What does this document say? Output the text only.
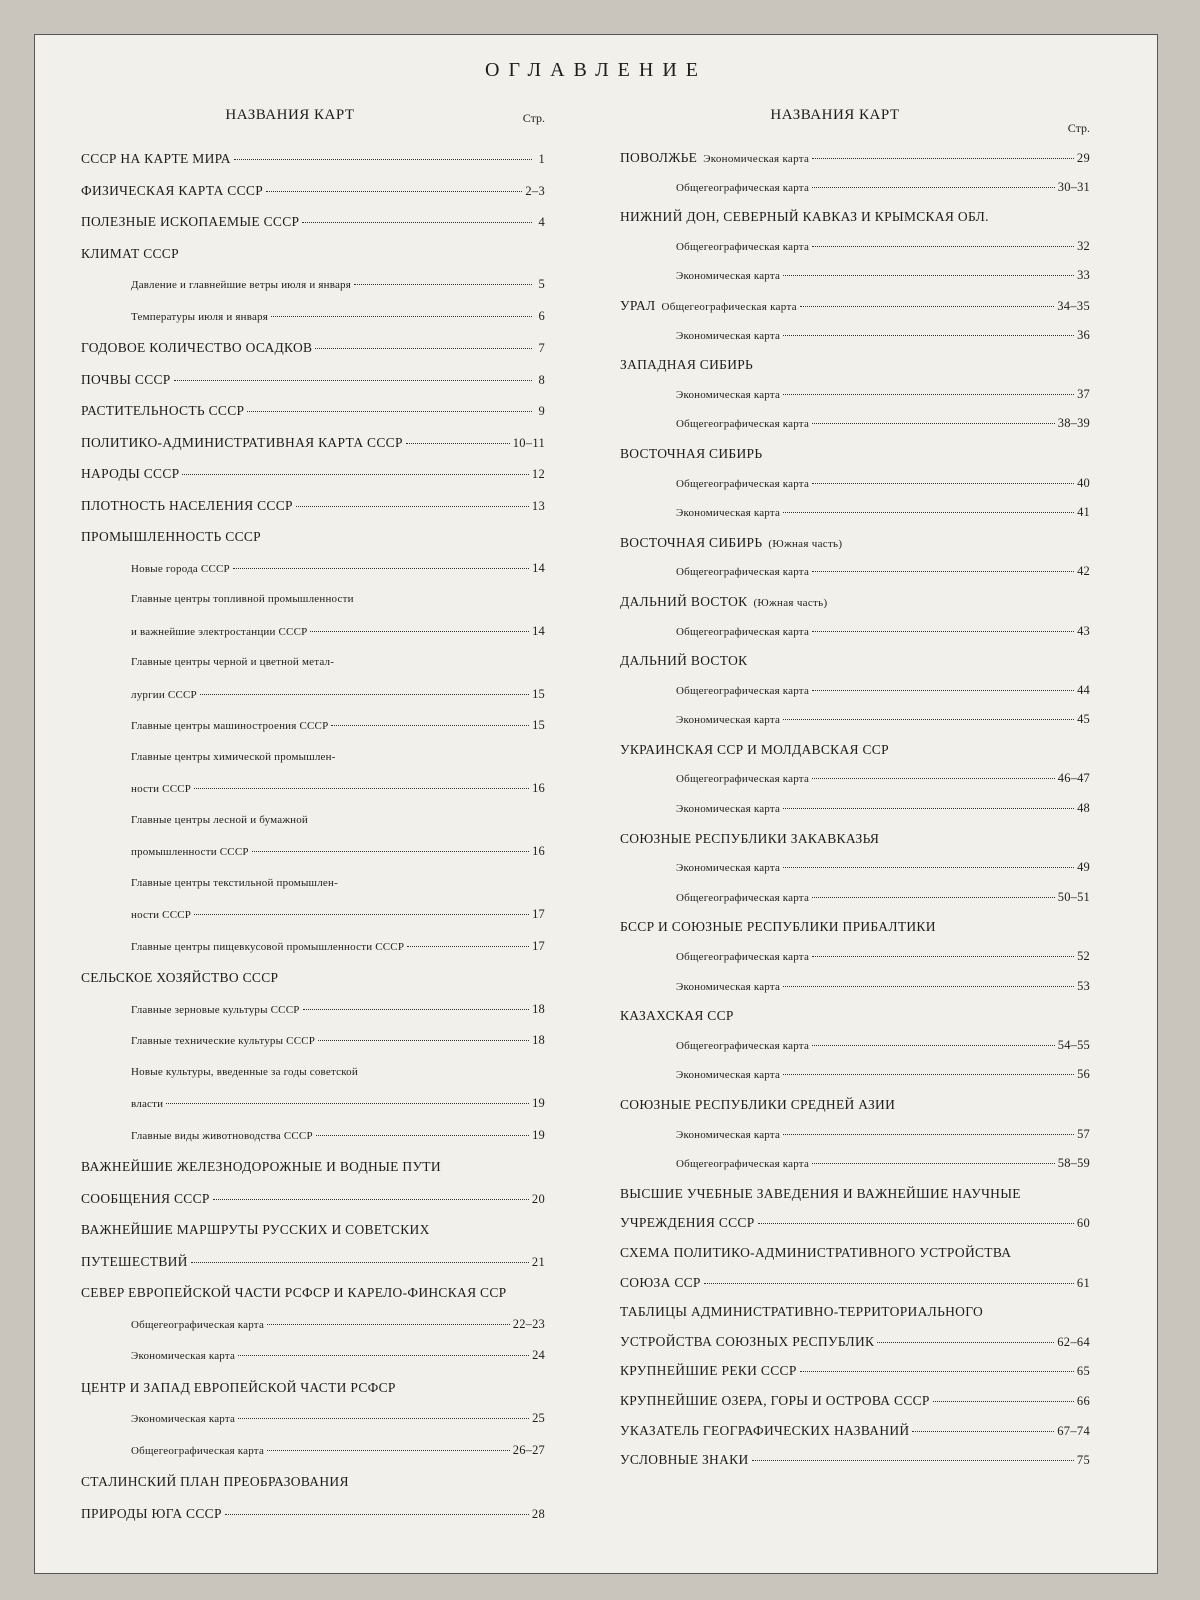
ОГЛАВЛЕНИЕ
НАЗВАНИЯ КАРТ	Стр.
СССР НА КАРТЕ МИРА	1
ФИЗИЧЕСКАЯ КАРТА СССР	2–3
ПОЛЕЗНЫЕ ИСКОПАЕМЫЕ СССР	4
КЛИМАТ СССР
Давление и главнейшие ветры июля и января	5
Температуры июля и января	6
ГОДОВОЕ КОЛИЧЕСТВО ОСАДКОВ	7
ПОЧВЫ СССР	8
РАСТИТЕЛЬНОСТЬ СССР	9
ПОЛИТИКО-АДМИНИСТРАТИВНАЯ КАРТА СССР	10–11
НАРОДЫ СССР	12
ПЛОТНОСТЬ НАСЕЛЕНИЯ СССР	13
ПРОМЫШЛЕННОСТЬ СССР
Новые города СССР	14
Главные центры топливной промышленности
и важнейшие электростанции СССР	14
Главные центры черной и цветной метал-
лургии СССР	15
Главные центры машиностроения СССР	15
Главные центры химической промышлен-
ности СССР	16
Главные центры лесной и бумажной
промышленности СССР	16
Главные центры текстильной промышлен-
ности СССР	17
Главные центры пищевкусовой промышленности СССР	17
СЕЛЬСКОЕ ХОЗЯЙСТВО СССР
Главные зерновые культуры СССР	18
Главные технические культуры СССР	18
Новые культуры, введенные за годы советской
власти	19
Главные виды животноводства СССР	19
ВАЖНЕЙШИЕ ЖЕЛЕЗНОДОРОЖНЫЕ И ВОДНЫЕ ПУТИ
СООБЩЕНИЯ СССР	20
ВАЖНЕЙШИЕ МАРШРУТЫ РУССКИХ И СОВЕТСКИХ
ПУТЕШЕСТВИЙ	21
СЕВЕР ЕВРОПЕЙСКОЙ ЧАСТИ РСФСР И КАРЕЛО-ФИНСКАЯ ССР
Общегеографическая карта	22–23
Экономическая карта	24
ЦЕНТР И ЗАПАД ЕВРОПЕЙСКОЙ ЧАСТИ РСФСР
Экономическая карта	25
Общегеографическая карта	26–27
СТАЛИНСКИЙ ПЛАН ПРЕОБРАЗОВАНИЯ
ПРИРОДЫ ЮГА СССР	28
НАЗВАНИЯ КАРТ
Стр.
ПОВОЛЖЬЕ Экономическая карта	29
Общегеографическая карта	30–31
НИЖНИЙ ДОН, СЕВЕРНЫЙ КАВКАЗ И КРЫМСКАЯ ОБЛ.
Общегеографическая карта	32
Экономическая карта	33
УРАЛ Общегеографическая карта	34–35
Экономическая карта	36
ЗАПАДНАЯ СИБИРЬ
Экономическая карта	37
Общегеографическая карта	38–39
ВОСТОЧНАЯ СИБИРЬ
Общегеографическая карта	40
Экономическая карта	41
ВОСТОЧНАЯ СИБИРЬ (Южная часть)
Общегеографическая карта	42
ДАЛЬНИЙ ВОСТОК (Южная часть)
Общегеографическая карта	43
ДАЛЬНИЙ ВОСТОК
Общегеографическая карта	44
Экономическая карта	45
УКРАИНСКАЯ ССР И МОЛДАВСКАЯ ССР
Общегеографическая карта	46–47
Экономическая карта	48
СОЮЗНЫЕ РЕСПУБЛИКИ ЗАКАВКАЗЬЯ
Экономическая карта	49
Общегеографическая карта	50–51
БССР И СОЮЗНЫЕ РЕСПУБЛИКИ ПРИБАЛТИКИ
Общегеографическая карта	52
Экономическая карта	53
КАЗАХСКАЯ ССР
Общегеографическая карта	54–55
Экономическая карта	56
СОЮЗНЫЕ РЕСПУБЛИКИ СРЕДНЕЙ АЗИИ
Экономическая карта	57
Общегеографическая карта	58–59
ВЫСШИЕ УЧЕБНЫЕ ЗАВЕДЕНИЯ И ВАЖНЕЙШИЕ НАУЧНЫЕ
УЧРЕЖДЕНИЯ СССР	60
СХЕМА ПОЛИТИКО-АДМИНИСТРАТИВНОГО УСТРОЙСТВА
СОЮЗА ССР	61
ТАБЛИЦЫ АДМИНИСТРАТИВНО-ТЕРРИТОРИАЛЬНОГО
УСТРОЙСТВА СОЮЗНЫХ РЕСПУБЛИК	62–64
КРУПНЕЙШИЕ РЕКИ СССР	65
КРУПНЕЙШИЕ ОЗЕРА, ГОРЫ И ОСТРОВА СССР	66
УКАЗАТЕЛЬ ГЕОГРАФИЧЕСКИХ НАЗВАНИЙ	67–74
УСЛОВНЫЕ ЗНАКИ	75
